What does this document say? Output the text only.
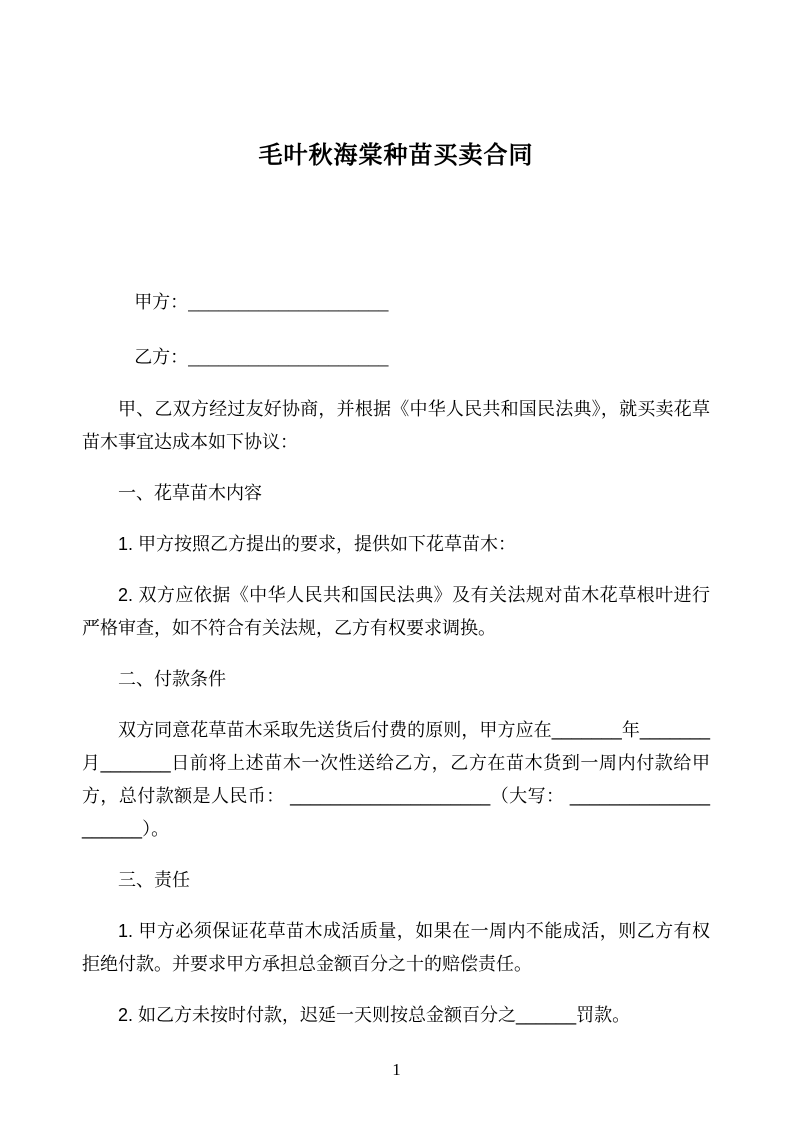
毛叶秋海棠种苗买卖合同

甲方：____________________

乙方：____________________

甲、乙双方经过友好协商，并根据《中华人民共和国民法典》，就买卖花草苗木事宜达成本如下协议：

一、花草苗木内容

1. 甲方按照乙方提出的要求，提供如下花草苗木：

2. 双方应依据《中华人民共和国民法典》及有关法规对苗木花草根叶进行严格审查，如不符合有关法规，乙方有权要求调换。

二、付款条件

双方同意花草苗木采取先送货后付费的原则，甲方应在_______年_______月_______日前将上述苗木一次性送给乙方，乙方在苗木货到一周内付款给甲方，总付款额是人民币： ____________________（大写： ____________________）。

三、责任

1. 甲方必须保证花草苗木成活质量，如果在一周内不能成活，则乙方有权拒绝付款。并要求甲方承担总金额百分之十的赔偿责任。

2. 如乙方未按时付款，迟延一天则按总金额百分之______罚款。

1
